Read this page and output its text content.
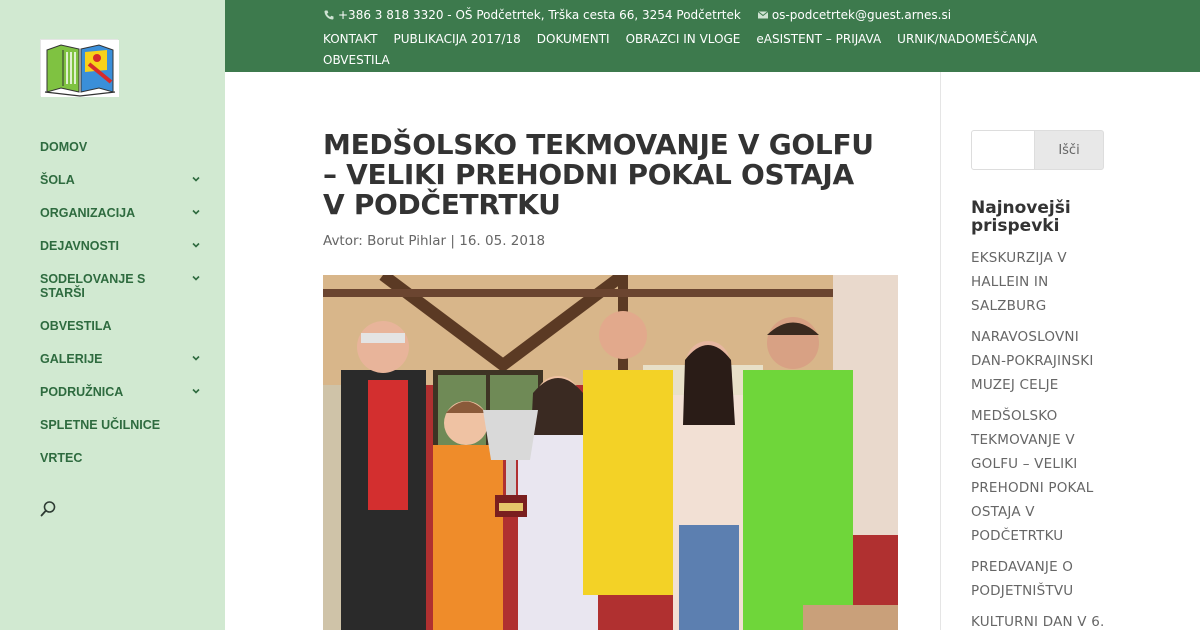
DOMOV
ŠOLA
ORGANIZACIJA
DEJAVNOSTI
SODELOVANJE S STARŠI
OBVESTILA
GALERIJE
PODRUŽNICA
SPLETNE UČILNICE
VRTEC
+386 3 818 3320 - OŠ Podčetrtek, Trška cesta 66, 3254 Podčetrtek	os-podcetrtek@guest.arnes.si
KONTAKT PUBLIKACIJA 2017/18 DOKUMENTI OBRAZCI IN VLOGE eASISTENT – PRIJAVA URNIK/NADOMEŠČANJAOBVESTILA
MEDŠOLSKO TEKMOVANJE V GOLFU – VELIKI PREHODNI POKAL OSTAJA V PODČETRTKU
Avtor: Borut Pihlar | 16. 05. 2018
Išči
Najnovejši prispevki
EKSKURZIJA V HALLEIN IN SALZBURG
NARAVOSLOVNI DAN-POKRAJINSKI MUZEJ CELJE
MEDŠOLSKO TEKMOVANJE V GOLFU – VELIKI PREHODNI POKAL OSTAJA V PODČETRTKU
PREDAVANJE O PODJETNIŠTVU
KULTURNI DAN V 6.
